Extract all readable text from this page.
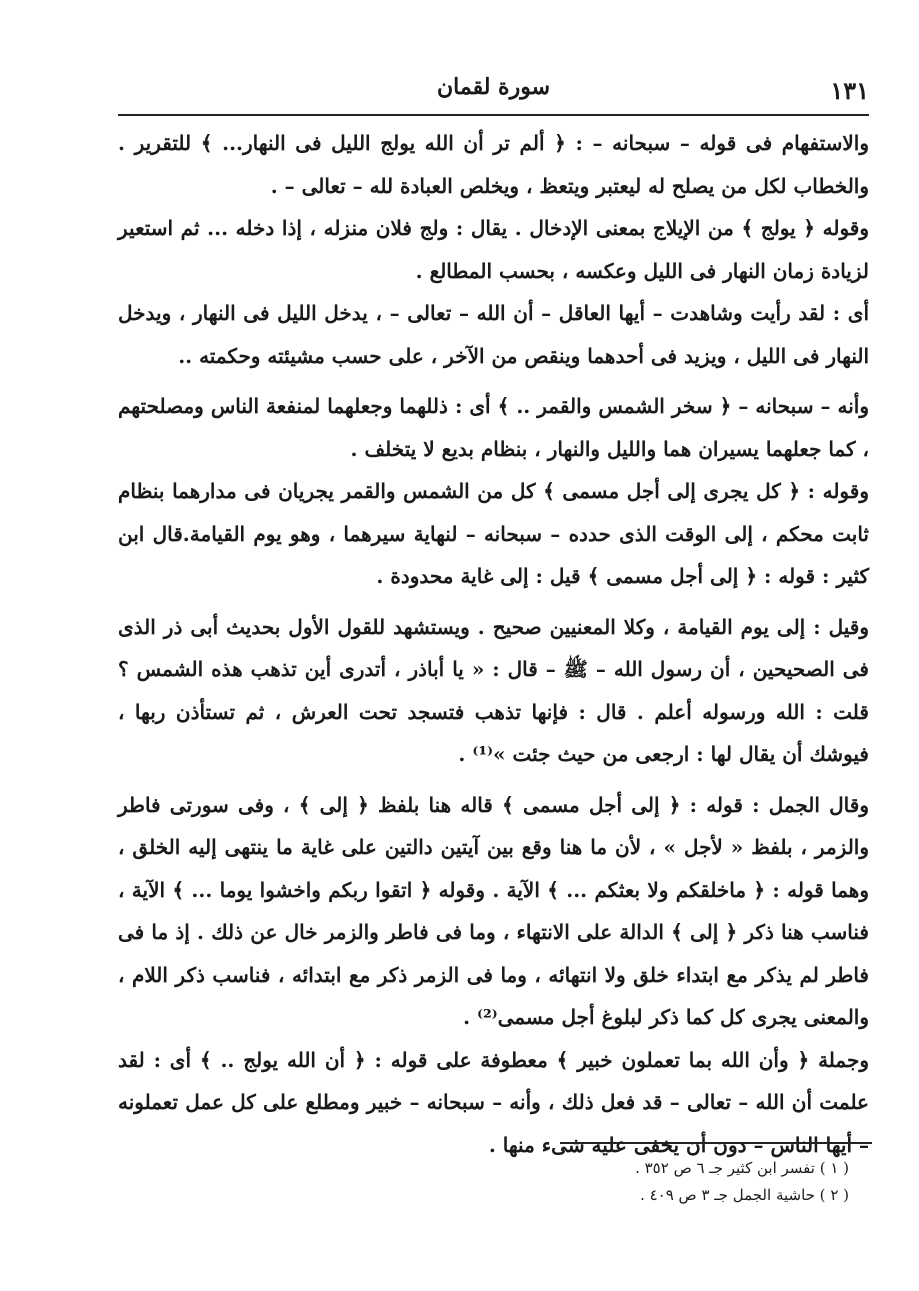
١٣١
سورة لقمان

والاستفهام فى قوله – سبحانه – : ﴿ ألم تر أن الله يولج الليل فى النهار... ﴾ للتقرير . والخطاب لكل من يصلح له ليعتبر ويتعظ ، ويخلص العبادة لله – تعالى – .

وقوله ﴿ يولج ﴾ من الإيلاج بمعنى الإدخال . يقال : ولج فلان منزله ، إذا دخله ... ثم استعير لزيادة زمان النهار فى الليل وعكسه ، بحسب المطالع .

أى : لقد رأيت وشاهدت – أيها العاقل – أن الله – تعالى – ، يدخل الليل فى النهار ، ويدخل النهار فى الليل ، ويزيد فى أحدهما وينقص من الآخر ، على حسب مشيئته وحكمته ..

وأنه – سبحانه – ﴿ سخر الشمس والقمر .. ﴾ أى : ذللهما وجعلهما لمنفعة الناس ومصلحتهم ، كما جعلهما يسيران هما والليل والنهار ، بنظام بديع لا يتخلف .

وقوله : ﴿ كل يجرى إلى أجل مسمى ﴾ كل من الشمس والقمر يجريان فى مدارهما بنظام ثابت محكم ، إلى الوقت الذى حدده – سبحانه – لنهاية سيرهما ، وهو يوم القيامة.قال ابن كثير : قوله : ﴿ إلى أجل مسمى ﴾ قيل : إلى غاية محدودة .

وقيل : إلى يوم القيامة ، وكلا المعنيين صحيح . ويستشهد للقول الأول بحديث أبى ذر الذى فى الصحيحين ، أن رسول الله – ﷺ – قال : « يا أباذر ، أتدرى أين تذهب هذه الشمس ؟ قلت : الله ورسوله أعلم . قال : فإنها تذهب فتسجد تحت العرش ، ثم تستأذن ربها ، فيوشك أن يقال لها : ارجعى من حيث جئت »⁽¹⁾ .

وقال الجمل : قوله : ﴿ إلى أجل مسمى ﴾ قاله هنا بلفظ ﴿ إلى ﴾ ، وفى سورتى فاطر والزمر ، بلفظ « لأجل » ، لأن ما هنا وقع بين آيتين دالتين على غاية ما ينتهى إليه الخلق ، وهما قوله : ﴿ ماخلقكم ولا بعثكم ... ﴾ الآية . وقوله ﴿ اتقوا ربكم واخشوا يوما ... ﴾ الآية ، فناسب هنا ذكر ﴿ إلى ﴾ الدالة على الانتهاء ، وما فى فاطر والزمر خال عن ذلك . إذ ما فى فاطر لم يذكر مع ابتداء خلق ولا انتهائه ، وما فى الزمر ذكر مع ابتدائه ، فناسب ذكر اللام ، والمعنى يجرى كل كما ذكر لبلوغ أجل مسمى⁽²⁾ .

وجملة ﴿ وأن الله بما تعملون خبير ﴾ معطوفة على قوله : ﴿ أن الله يولج .. ﴾ أى : لقد علمت أن الله – تعالى – قد فعل ذلك ، وأنه – سبحانه – خبير ومطلع على كل عمل تعملونه – أيها الناس – دون أن يخفى عليه شىء منها .

( ١ ) تفسر ابن كثير جـ ٦ ص ٣٥٢ .

( ٢ ) حاشية الجمل جـ ٣ ص ٤٠٩ .
